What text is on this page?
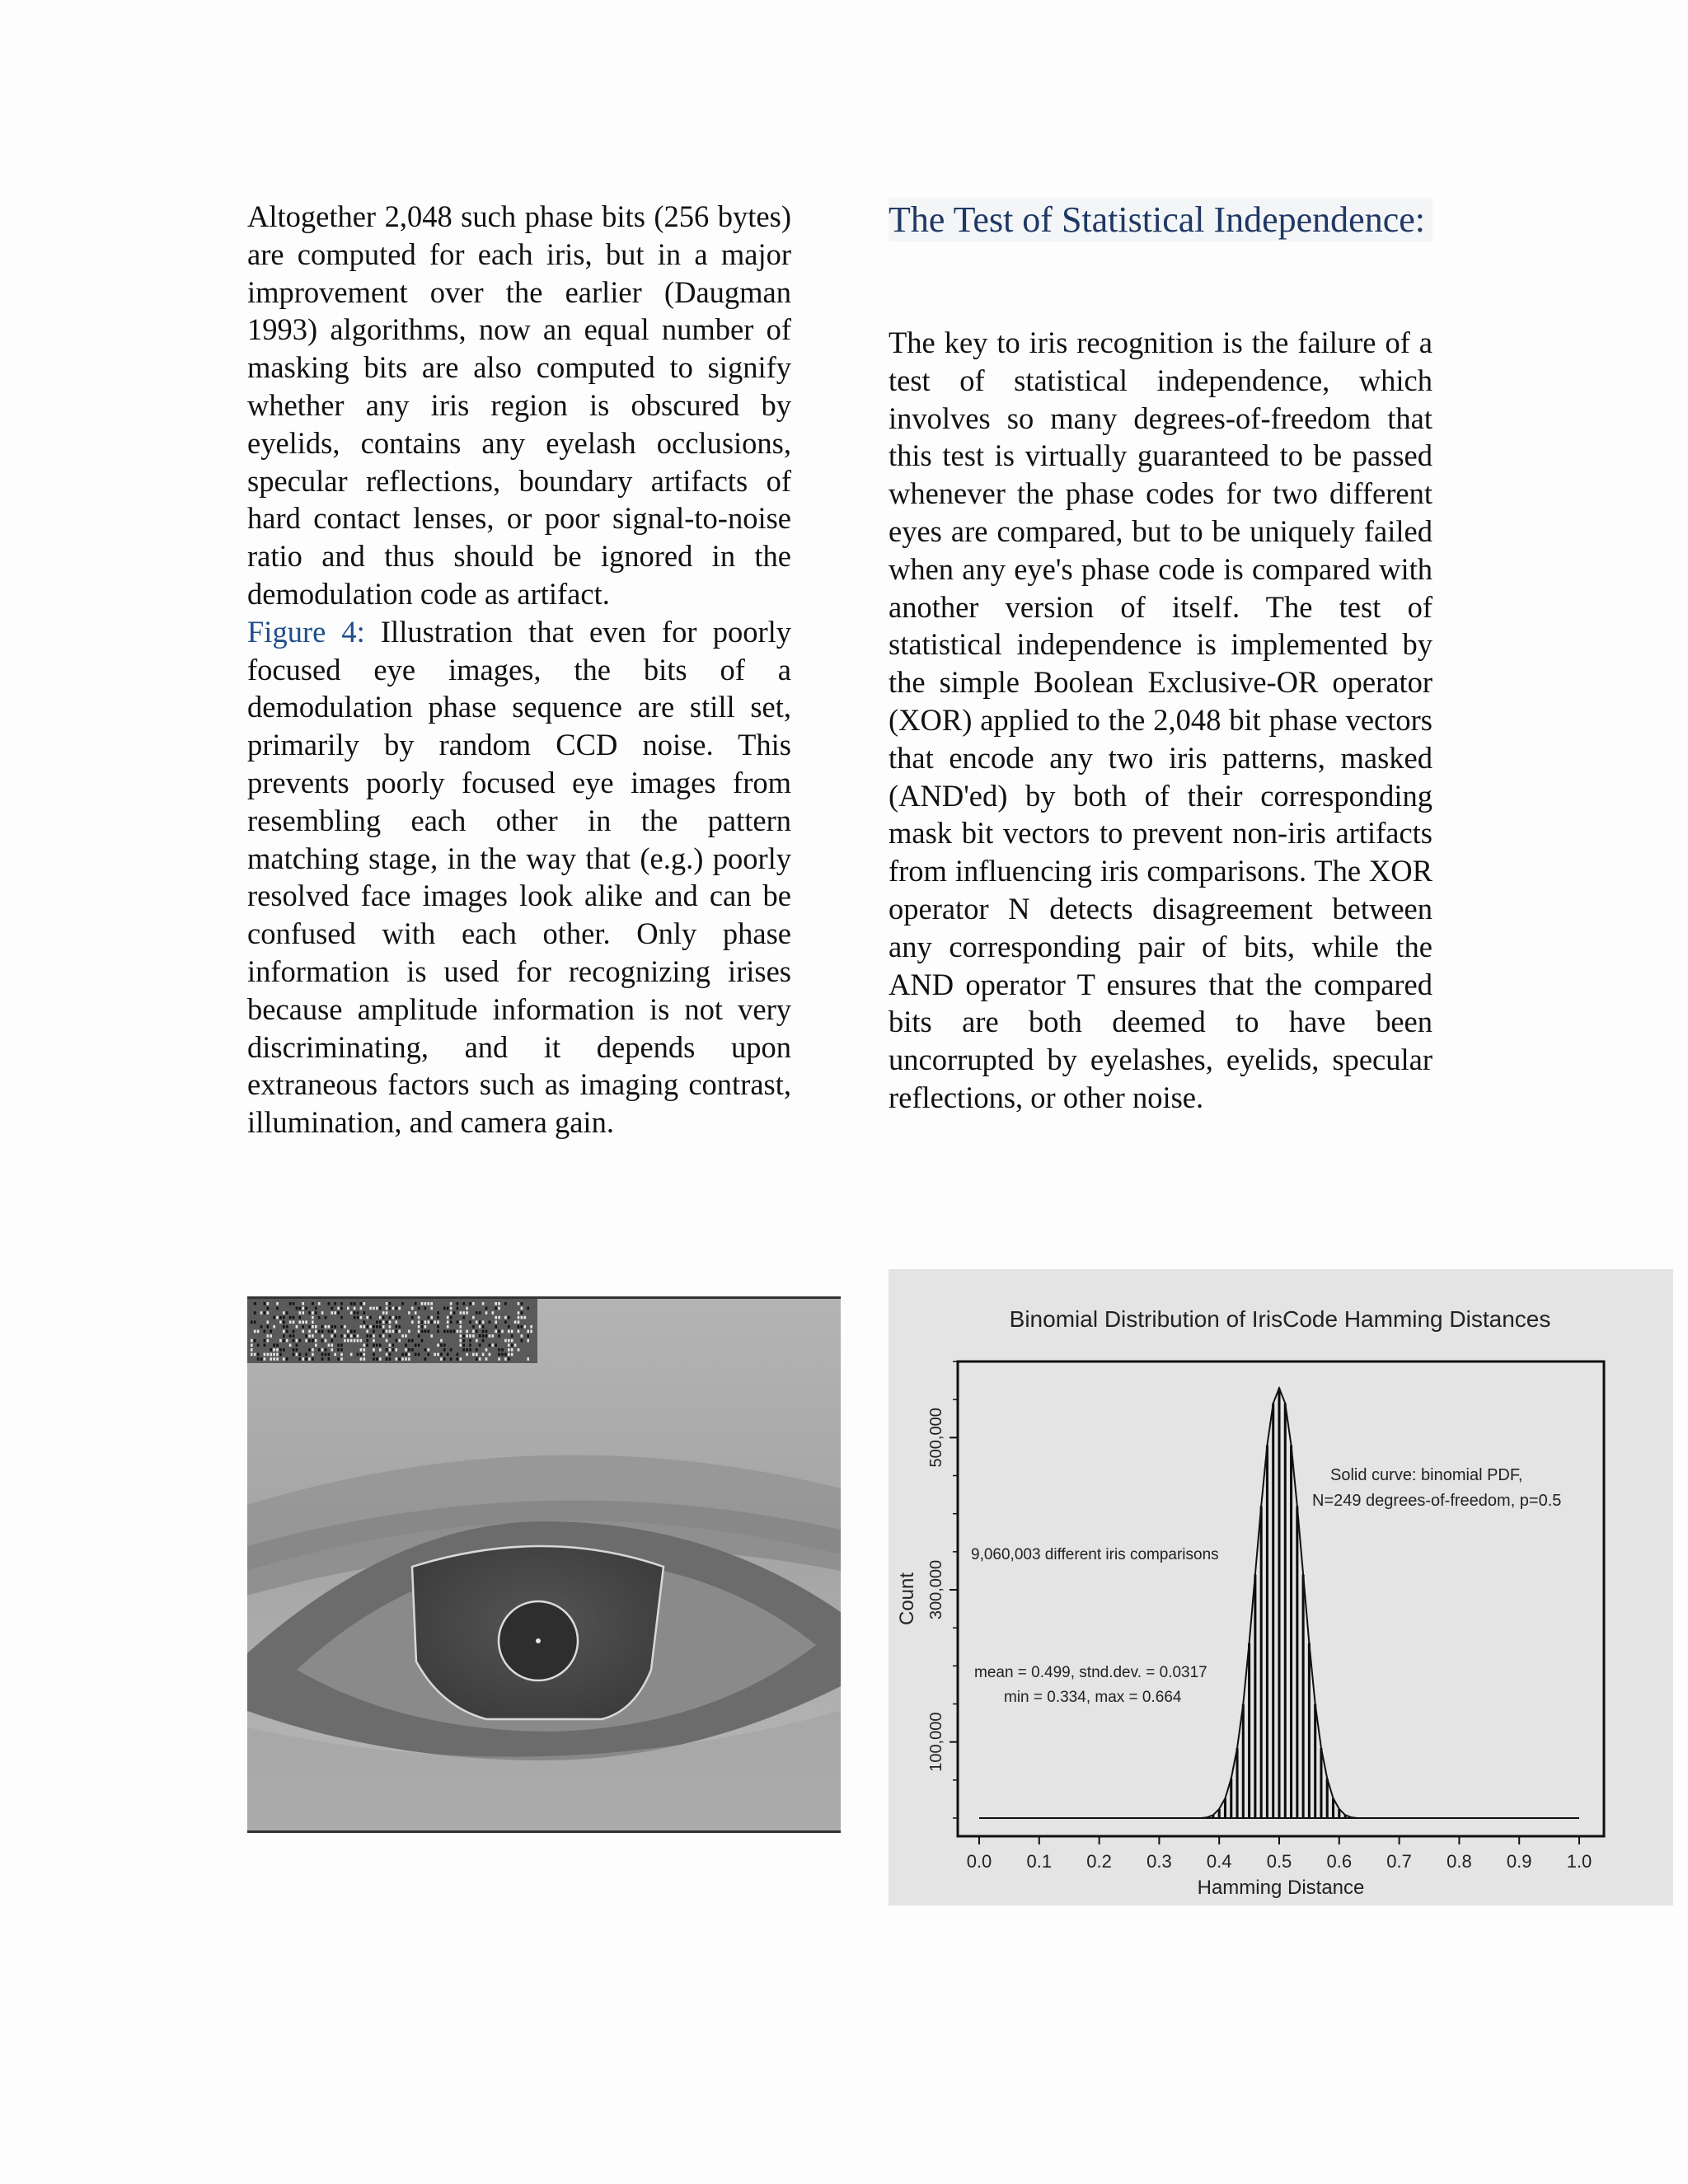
Altogether 2,048 such phase bits (256 bytes) are computed for each iris, but in a major improvement over the earlier (Daugman 1993) algorithms, now an equal number of masking bits are also computed to signify whether any iris region is obscured by eyelids, contains any eyelash occlusions, specular reflections, boundary artifacts of hard contact lenses, or poor signal-to-noise ratio and thus should be ignored in the demodulation code as artifact.

Figure 4: Illustration that even for poorly focused eye images, the bits of a demodulation phase sequence are still set, primarily by random CCD noise. This prevents poorly focused eye images from resembling each other in the pattern matching stage, in the way that (e.g.) poorly resolved face images look alike and can be confused with each other. Only phase information is used for recognizing irises because amplitude information is not very discriminating, and it depends upon extraneous factors such as imaging contrast, illumination, and camera gain.

The Test of Statistical Independence:

The key to iris recognition is the failure of a test of statistical independence, which involves so many degrees-of-freedom that this test is virtually guaranteed to be passed whenever the phase codes for two different eyes are compared, but to be uniquely failed when any eye's phase code is compared with another version of itself. The test of statistical independence is implemented by the simple Boolean Exclusive-OR operator (XOR) applied to the 2,048 bit phase vectors that encode any two iris patterns, masked (AND'ed) by both of their corresponding mask bit vectors to prevent non-iris artifacts from influencing iris comparisons. The XOR operator N detects disagreement between any corresponding pair of bits, while the AND operator T ensures that the compared bits are both deemed to have been uncorrupted by eyelashes, eyelids, specular reflections, or other noise.

Binomial Distribution of IrisCode Hamming Distances
0.0 0.1 0.2 0.3 0.4 0.5 0.6 0.7 0.8 0.9 1.0
100,000
300,000
500,000
Hamming Distance
Count
9,060,003 different iris comparisons
mean = 0.499, stnd.dev. = 0.0317
min = 0.334, max = 0.664
Solid curve: binomial PDF,
N=249 degrees-of-freedom, p=0.5
